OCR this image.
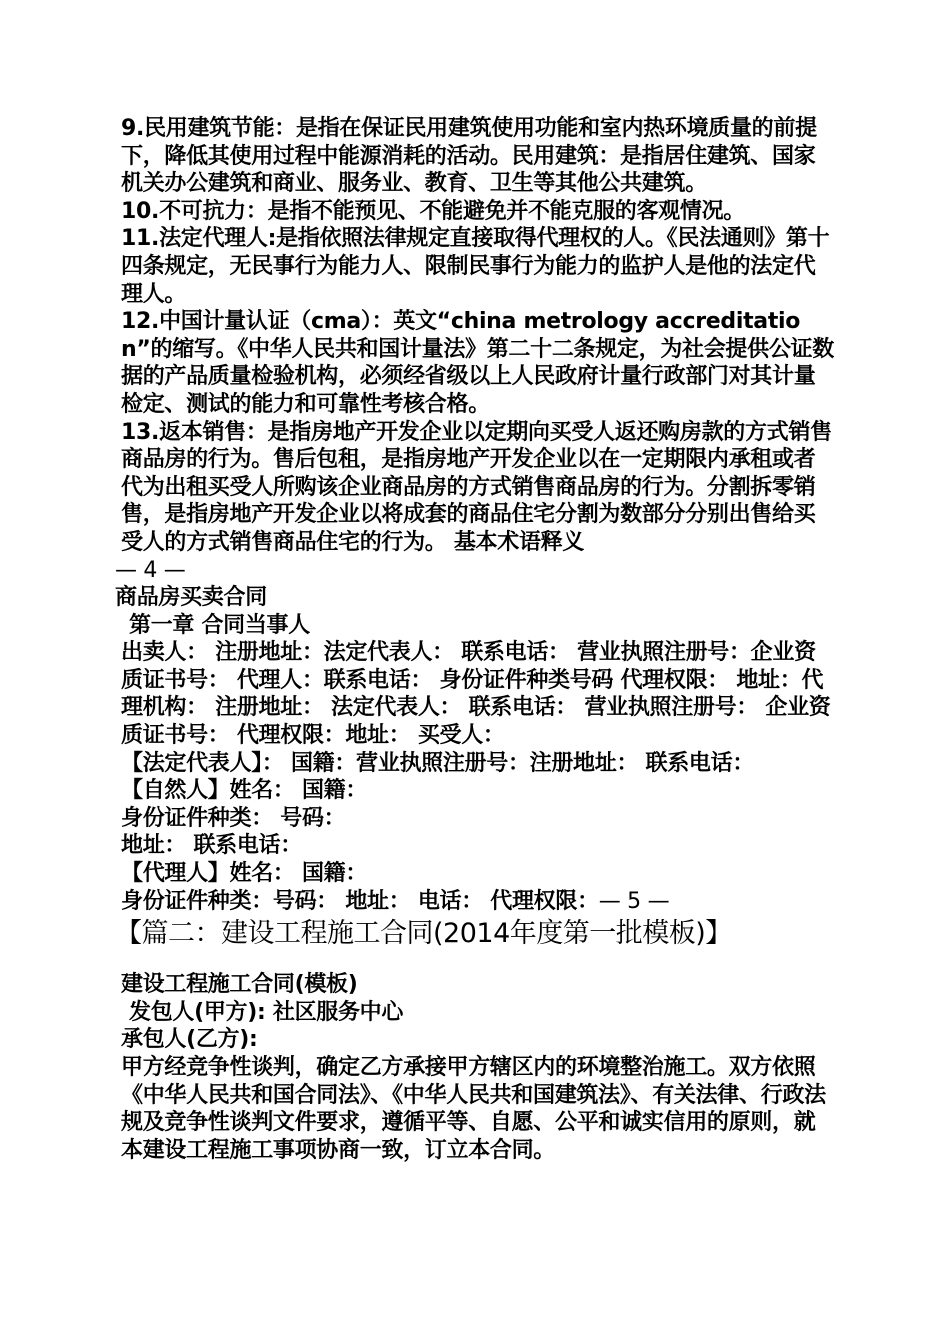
9.民用建筑节能：是指在保证民用建筑使用功能和室内热环境质量的前提下，降低其使用过程中能源消耗的活动。民用建筑：是指居住建筑、国家机关办公建筑和商业、服务业、教育、卫生等其他公共建筑。

10.不可抗力：是指不能预见、不能避免并不能克服的客观情况。

11.法定代理人:是指依照法律规定直接取得代理权的人。《民法通则》第十四条规定，无民事行为能力人、限制民事行为能力的监护人是他的法定代理人。

12.中国计量认证（cma）：英文“china metrology accreditation”的缩写。《中华人民共和国计量法》第二十二条规定，为社会提供公证数据的产品质量检验机构，必须经省级以上人民政府计量行政部门对其计量检定、测试的能力和可靠性考核合格。

13.返本销售：是指房地产开发企业以定期向买受人返还购房款的方式销售商品房的行为。售后包租，是指房地产开发企业以在一定期限内承租或者代为出租买受人所购该企业商品房的方式销售商品房的行为。分割拆零销售，是指房地产开发企业以将成套的商品住宅分割为数部分分别出售给买受人的方式销售商品住宅的行为。 基本术语释义

— 4 —

商品房买卖合同

第一章 合同当事人

出卖人： 注册地址：法定代表人： 联系电话： 营业执照注册号：企业资质证书号： 代理人：联系电话： 身份证件种类号码 代理权限： 地址：代理机构： 注册地址： 法定代表人： 联系电话： 营业执照注册号： 企业资质证书号： 代理权限：地址： 买受人：

【法定代表人】： 国籍：营业执照注册号：注册地址： 联系电话：

【自然人】姓名： 国籍：

身份证件种类： 号码：

地址： 联系电话：

【代理人】姓名： 国籍：

身份证件种类：号码： 地址： 电话： 代理权限：— 5 —

【篇二：建设工程施工合同(2014年度第一批模板)】

建设工程施工合同(模板)

发包人(甲方): 社区服务中心

承包人(乙方):

甲方经竞争性谈判，确定乙方承接甲方辖区内的环境整治施工。双方依照《中华人民共和国合同法》、《中华人民共和国建筑法》、有关法律、行政法规及竞争性谈判文件要求，遵循平等、自愿、公平和诚实信用的原则，就本建设工程施工事项协商一致，订立本合同。
